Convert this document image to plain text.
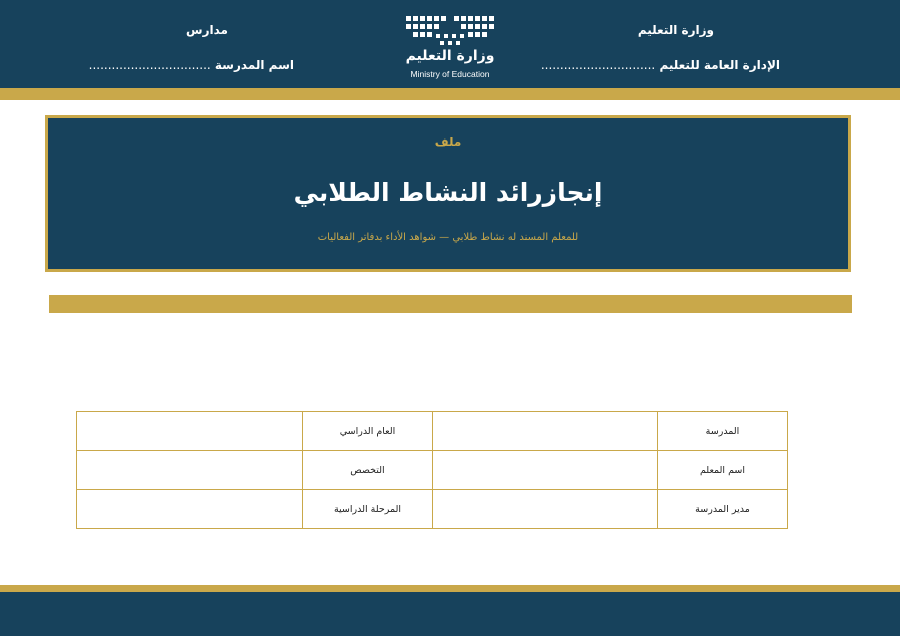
وزارة التعليم
الإدارة العامة للتعليم ..............................
مدارس
اسم المدرسة ................................
وزارة التعليم
Ministry of Education
ملف
إنجازرائد النشاط الطلابي
للمعلم المسند له نشاط طلابي — شواهد الأداء بدفاتر الفعاليات
المدرسة		العام الدراسي	
اسم المعلم		التخصص	
مدير المدرسة		المرحلة الدراسية	
